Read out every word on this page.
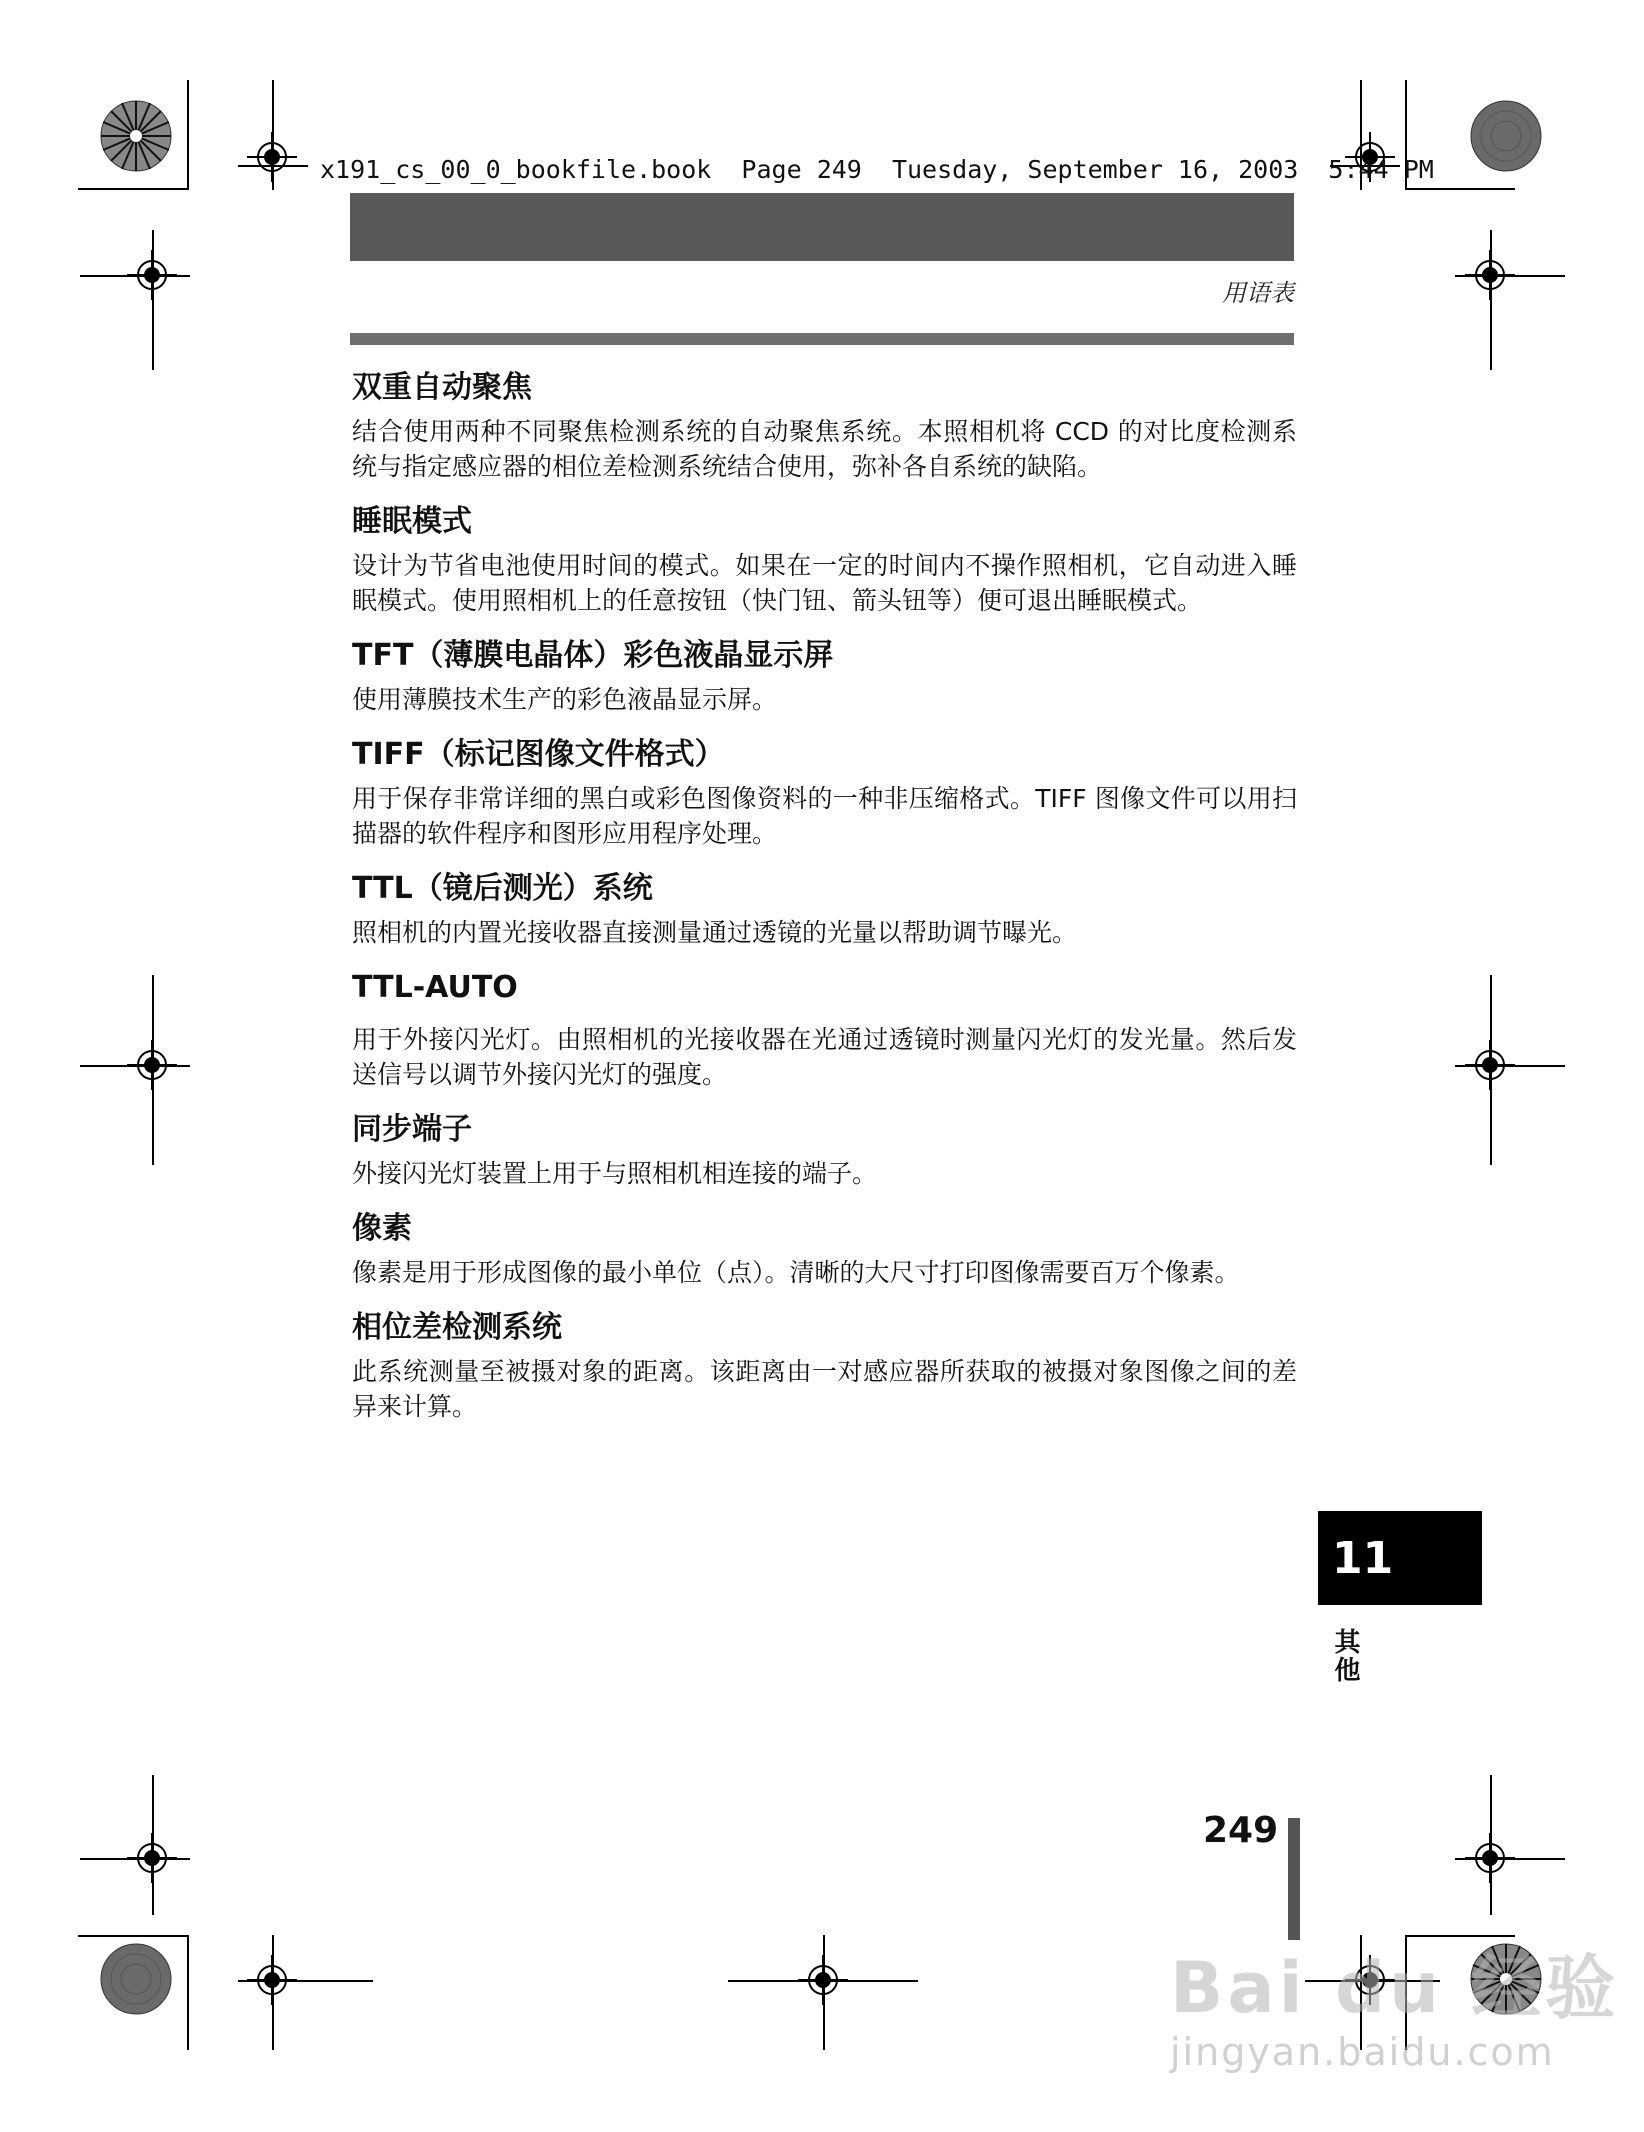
x191_cs_00_0_bookfile.book  Page 249  Tuesday, September 16, 2003  5:44 PM
用语表
双重自动聚焦
结合使用两种不同聚焦检测系统的自动聚焦系统。本照相机将 CCD 的对比度检测系统与指定感应器的相位差检测系统结合使用，弥补各自系统的缺陷。
睡眠模式
设计为节省电池使用时间的模式。如果在一定的时间内不操作照相机，它自动进入睡眠模式。使用照相机上的任意按钮（快门钮、箭头钮等）便可退出睡眠模式。
TFT（薄膜电晶体）彩色液晶显示屏
使用薄膜技术生产的彩色液晶显示屏。
TIFF（标记图像文件格式）
用于保存非常详细的黑白或彩色图像资料的一种非压缩格式。TIFF 图像文件可以用扫描器的软件程序和图形应用程序处理。
TTL（镜后测光）系统
照相机的内置光接收器直接测量通过透镜的光量以帮助调节曝光。
TTL-AUTO
用于外接闪光灯。由照相机的光接收器在光通过透镜时测量闪光灯的发光量。然后发送信号以调节外接闪光灯的强度。
同步端子
外接闪光灯装置上用于与照相机相连接的端子。
像素
像素是用于形成图像的最小单位（点）。清晰的大尺寸打印图像需要百万个像素。
相位差检测系统
此系统测量至被摄对象的距离。该距离由一对感应器所获取的被摄对象图像之间的差异来计算。
11
其他
249
Bai du 经验
jingyan.baidu.com
